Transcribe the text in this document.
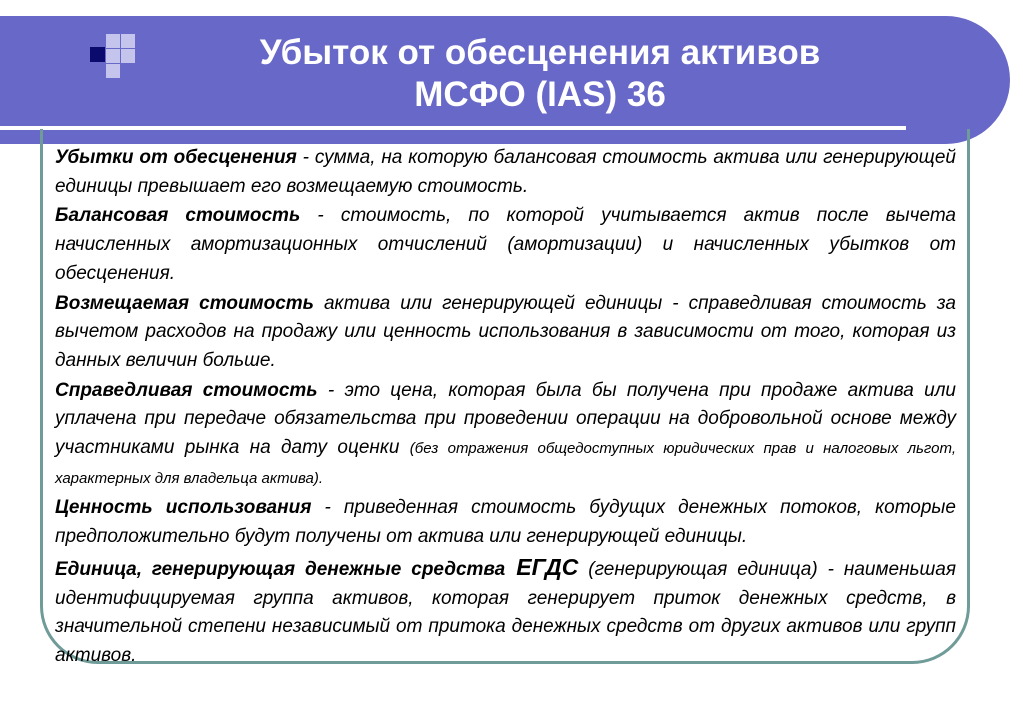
Убыток от обесценения активов
МСФО (IAS) 36

Убытки от обесценения - сумма, на которую балансовая стоимость актива или генерирующей единицы превышает его возмещаемую стоимость.

Балансовая стоимость - стоимость, по которой учитывается актив после вычета начисленных амортизационных отчислений (амортизации) и начисленных убытков от обесценения.

Возмещаемая стоимость актива или генерирующей единицы - справедливая стоимость за вычетом расходов на продажу или ценность использования в зависимости от того, которая из данных величин больше.

Справедливая стоимость - это цена, которая была бы получена при продаже актива или уплачена при передаче обязательства при проведении операции на добровольной основе между участниками рынка на дату оценки (без отражения общедоступных юридических прав и налоговых льгот, характерных для владельца актива).

Ценность использования - приведенная стоимость будущих денежных потоков, которые предположительно будут получены от актива или генерирующей единицы.

Единица, генерирующая денежные средства ЕГДС (генерирующая единица) - наименьшая идентифицируемая группа активов, которая генерирует приток денежных средств, в значительной степени независимый от притока денежных средств от других активов или групп активов.
